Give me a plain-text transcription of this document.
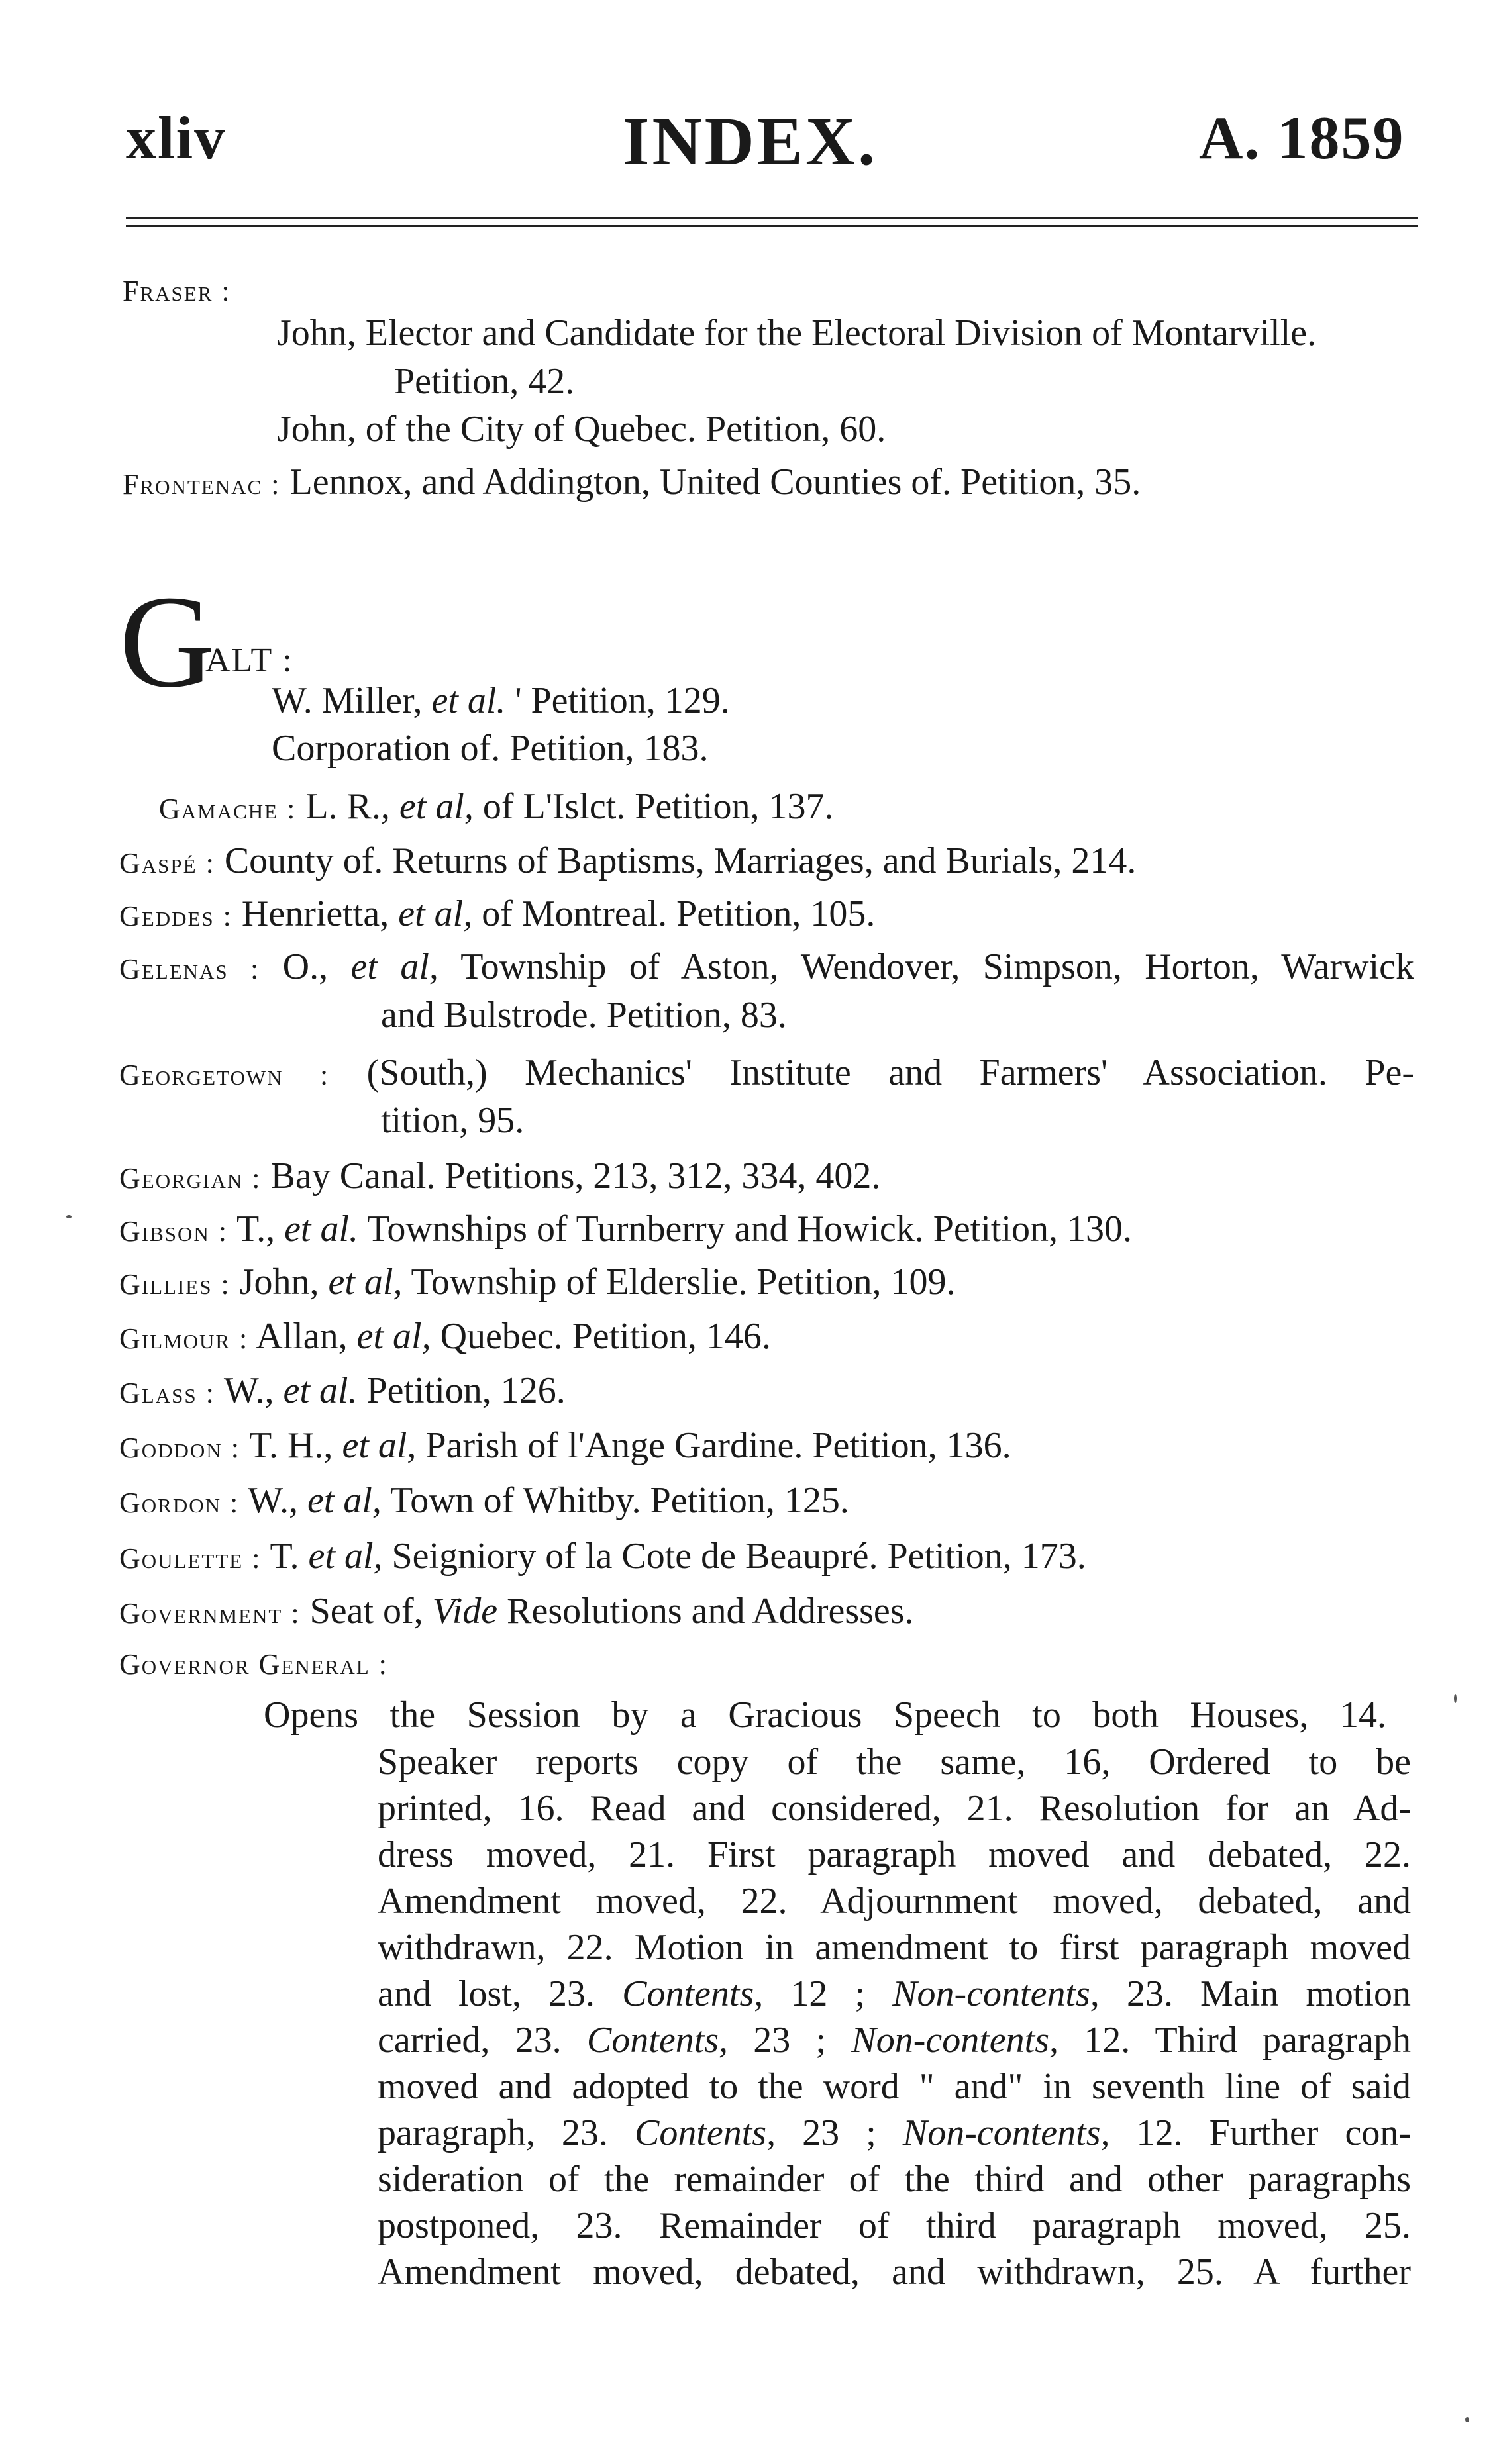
xliv	INDEX.	A. 1859
Fraser :
John, Elector and Candidate for the Electoral Division of Montarville.
Petition, 42.
John, of the City of Quebec. Petition, 60.
Frontenac : Lennox, and Addington, United Counties of. Petition, 35.
G
ALT :
W. Miller, et al. ' Petition, 129.
Corporation of. Petition, 183.
Gamache : L. R., et al, of L'Islct. Petition, 137.
Gaspé : County of. Returns of Baptisms, Marriages, and Burials, 214.
Geddes : Henrietta, et al, of Montreal. Petition, 105.
Gelenas : O., et al, Township of Aston, Wendover, Simpson, Horton, Warwick
and Bulstrode. Petition, 83.
Georgetown : (South,) Mechanics' Institute and Farmers' Association. Pe-
tition, 95.
Georgian : Bay Canal. Petitions, 213, 312, 334, 402.
Gibson : T., et al. Townships of Turnberry and Howick. Petition, 130.
Gillies : John, et al, Township of Elderslie. Petition, 109.
Gilmour : Allan, et al, Quebec. Petition, 146.
Glass : W., et al. Petition, 126.
Goddon : T. H., et al, Parish of l'Ange Gardine. Petition, 136.
Gordon : W., et al, Town of Whitby. Petition, 125.
Goulette : T. et al, Seigniory of la Cote de Beaupré. Petition, 173.
Government : Seat of, Vide Resolutions and Addresses.
Governor General :
Opens the Session by a Gracious Speech to both Houses, 14.
Speaker reports copy of the same, 16, Ordered to be
printed, 16. Read and considered, 21. Resolution for an Ad-
dress moved, 21. First paragraph moved and debated, 22.
Amendment moved, 22. Adjournment moved, debated, and
withdrawn, 22. Motion in amendment to first paragraph moved
and lost, 23. Contents, 12 ; Non-contents, 23. Main motion
carried, 23. Contents, 23 ; Non-contents, 12. Third paragraph
moved and adopted to the word " and" in seventh line of said
paragraph, 23. Contents, 23 ; Non-contents, 12. Further con-
sideration of the remainder of the third and other paragraphs
postponed, 23. Remainder of third paragraph moved, 25.
Amendment moved, debated, and withdrawn, 25. A further
